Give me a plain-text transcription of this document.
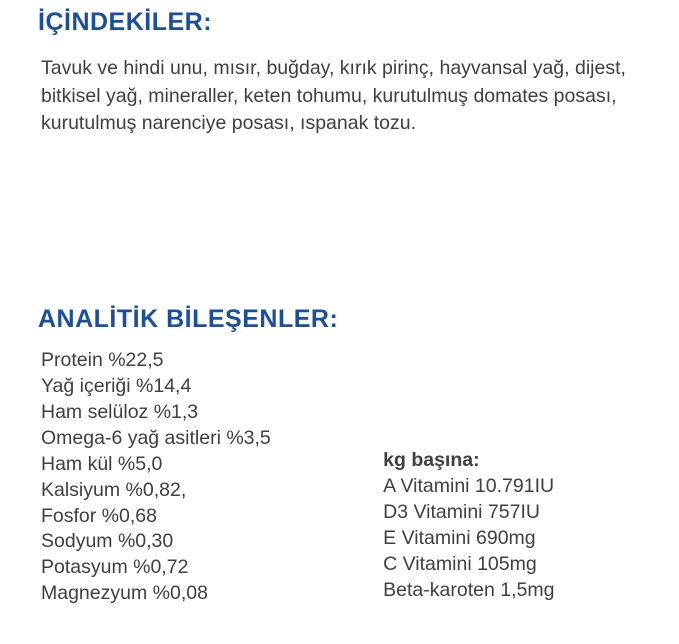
İÇİNDEKİLER:

Tavuk ve hindi unu, mısır, buğday, kırık pirinç, hayvansal yağ, dijest, bitkisel yağ, mineraller, keten tohumu, kurutulmuş domates posası, kurutulmuş narenciye posası, ıspanak tozu.

ANALİTİK BİLEŞENLER:
Protein %22,5
Yağ içeriği %14,4
Ham selüloz %1,3
Omega-6 yağ asitleri %3,5
Ham kül %5,0
Kalsiyum %0,82,
Fosfor %0,68
Sodyum %0,30
Potasyum %0,72
Magnezyum %0,08
kg başına:
A Vitamini 10.791IU
D3 Vitamini 757IU
E Vitamini 690mg
C Vitamini 105mg
Beta-karoten 1,5mg
